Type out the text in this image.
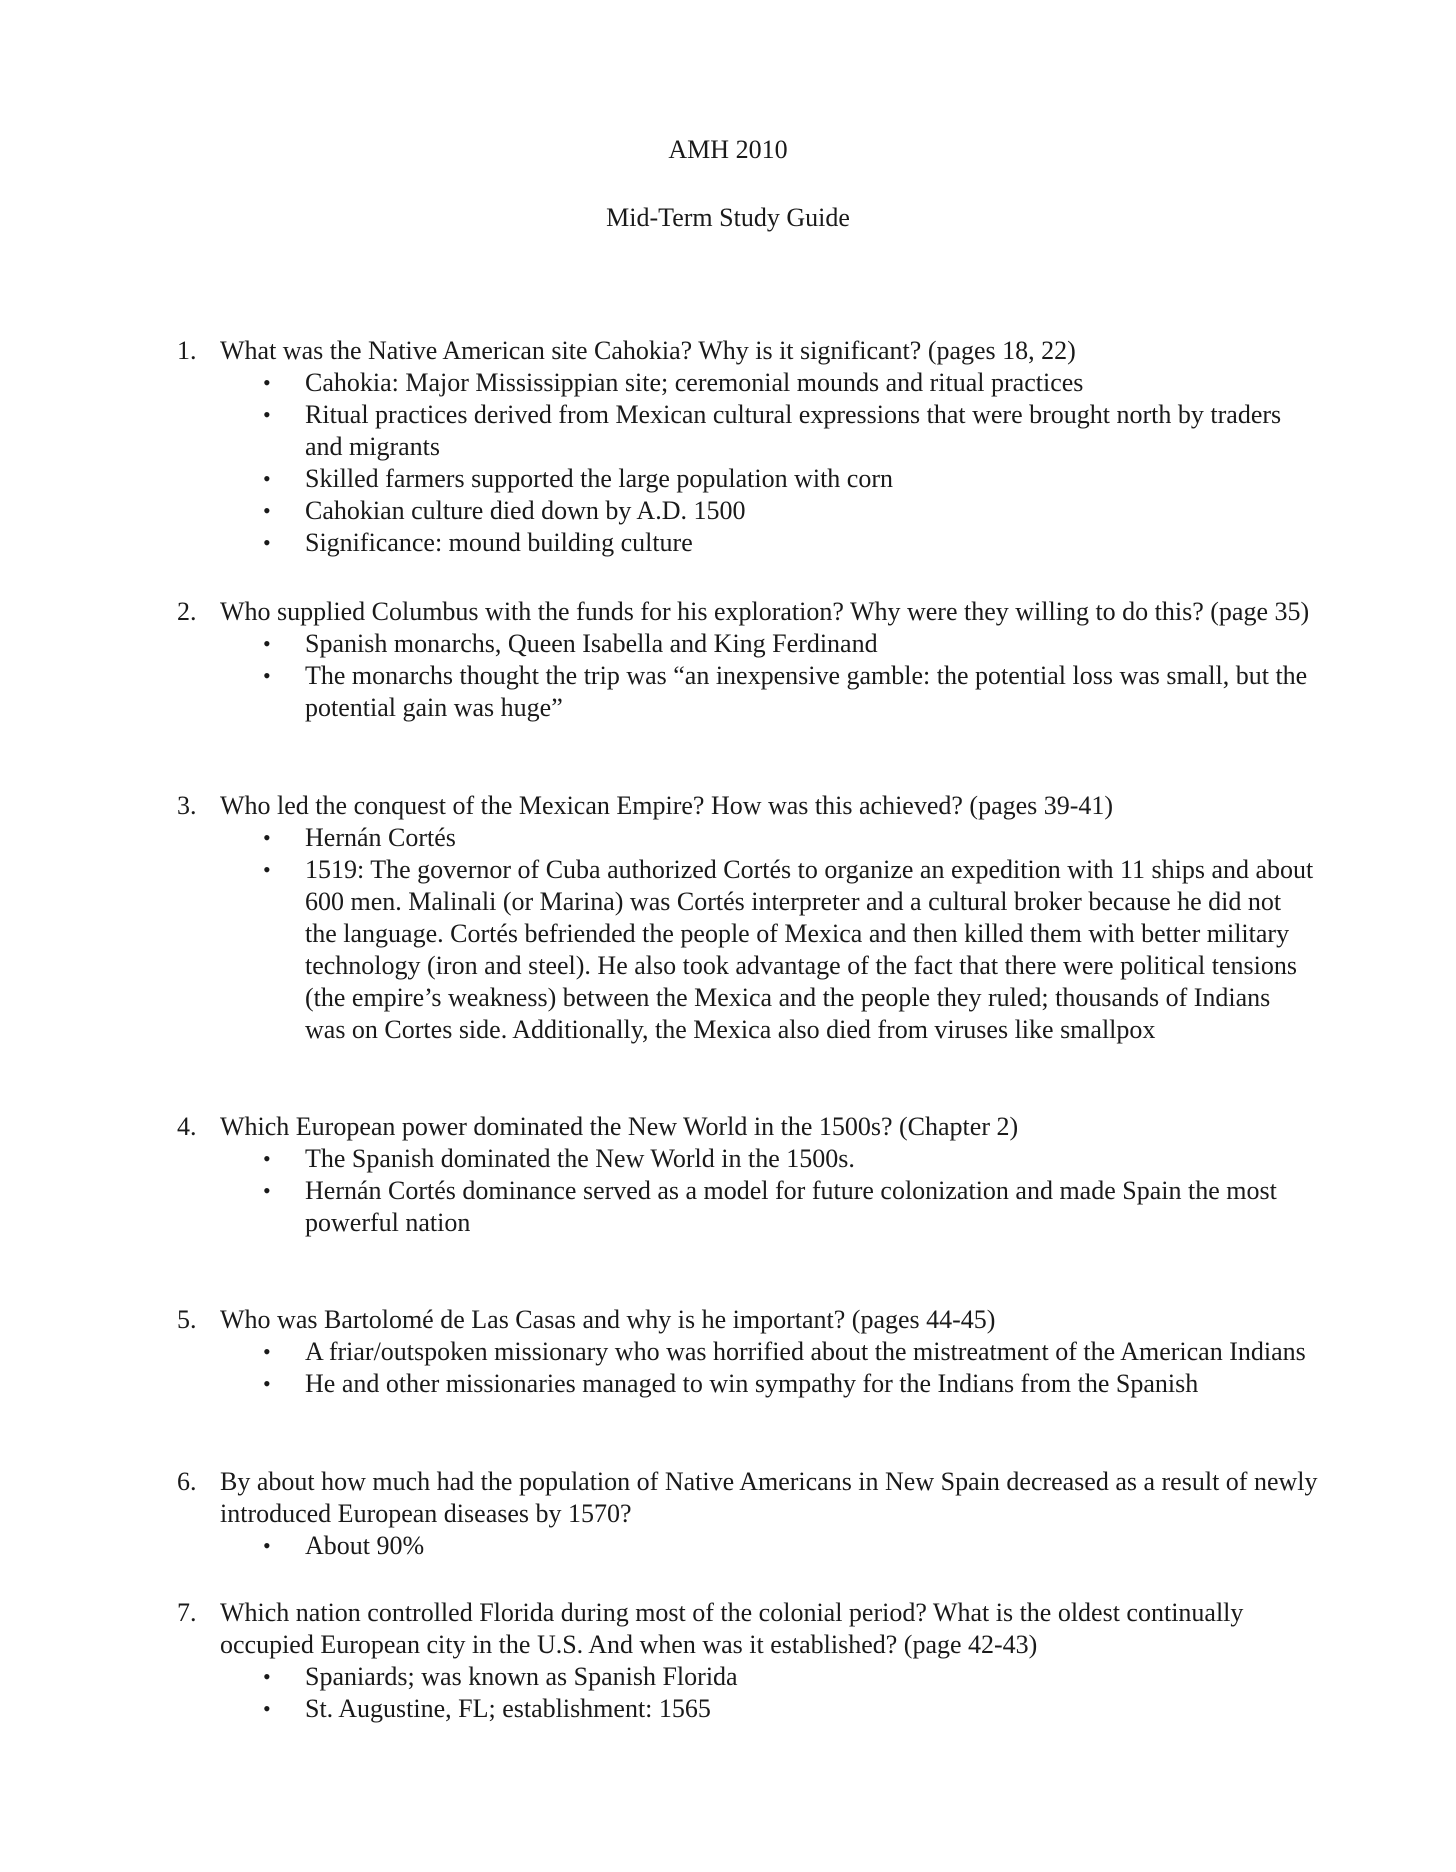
AMH 2010
Mid-Term Study Guide
1. What was the Native American site Cahokia? Why is it significant? (pages 18, 22)
• Cahokia: Major Mississippian site; ceremonial mounds and ritual practices
• Ritual practices derived from Mexican cultural expressions that were brought north by traders and migrants
• Skilled farmers supported the large population with corn
• Cahokian culture died down by A.D. 1500
• Significance: mound building culture
2. Who supplied Columbus with the funds for his exploration? Why were they willing to do this? (page 35)
• Spanish monarchs, Queen Isabella and King Ferdinand
• The monarchs thought the trip was “an inexpensive gamble: the potential loss was small, but the potential gain was huge”
3. Who led the conquest of the Mexican Empire? How was this achieved? (pages 39-41)
• Hernán Cortés
• 1519: The governor of Cuba authorized Cortés to organize an expedition with 11 ships and about 600 men. Malinali (or Marina) was Cortés interpreter and a cultural broker because he did not the language. Cortés befriended the people of Mexica and then killed them with better military technology (iron and steel). He also took advantage of the fact that there were political tensions (the empire’s weakness) between the Mexica and the people they ruled; thousands of Indians was on Cortes side. Additionally, the Mexica also died from viruses like smallpox
4. Which European power dominated the New World in the 1500s? (Chapter 2)
• The Spanish dominated the New World in the 1500s.
• Hernán Cortés dominance served as a model for future colonization and made Spain the most powerful nation
5. Who was Bartolomé de Las Casas and why is he important? (pages 44-45)
• A friar/outspoken missionary who was horrified about the mistreatment of the American Indians
• He and other missionaries managed to win sympathy for the Indians from the Spanish
6. By about how much had the population of Native Americans in New Spain decreased as a result of newly introduced European diseases by 1570?
• About 90%
7. Which nation controlled Florida during most of the colonial period? What is the oldest continually occupied European city in the U.S. And when was it established? (page 42-43)
• Spaniards; was known as Spanish Florida
• St. Augustine, FL; establishment: 1565
